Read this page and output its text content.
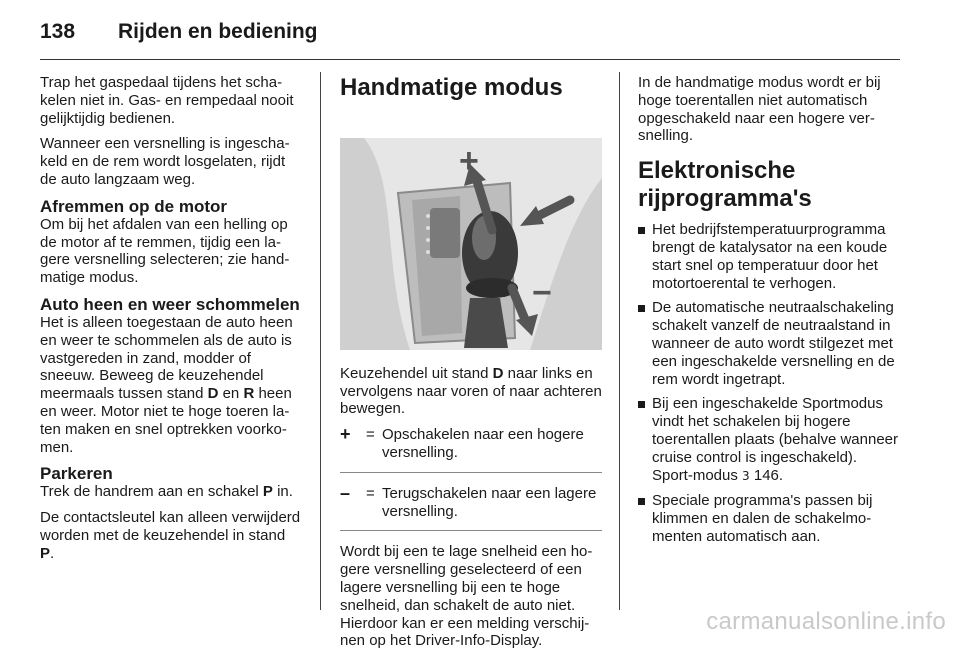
138 Rijden en bediening

Trap het gaspedaal tijdens het schakelen niet in. Gas- en rempedaal nooit gelijktijdig bedienen.

Wanneer een versnelling is ingeschakeld en de rem wordt losgelaten, rijdt de auto langzaam weg.

Afremmen op de motor

Om bij het afdalen van een helling op de motor af te remmen, tijdig een lagere versnelling selecteren; zie handmatige modus.

Auto heen en weer schommelen

Het is alleen toegestaan de auto heen en weer te schommelen als de auto is vastgereden in zand, modder of sneeuw. Beweeg de keuzehendel meermaals tussen stand D en R heen en weer. Motor niet te hoge toeren laten maken en snel optrekken voorkomen.

Parkeren

Trek de handrem aan en schakel P in.

De contactsleutel kan alleen verwijderd worden met de keuzehendel in stand P.

Handmatige modus
+
−

Keuzehendel uit stand D naar links en vervolgens naar voren of naar achteren bewegen.

+	= Opschakelen naar een hogere versnelling.
–	= Terugschakelen naar een lagere versnelling.

Wordt bij een te lage snelheid een hogere versnelling geselecteerd of een lagere versnelling bij een te hoge snelheid, dan schakelt de auto niet. Hierdoor kan er een melding verschijnen op het Driver-Info-Display.

In de handmatige modus wordt er bij hoge toerentallen niet automatisch opgeschakeld naar een hogere versnelling.

Elektronische rijprogramma's
Het bedrijfstemperatuurprogramma brengt de katalysator na een koude start snel op temperatuur door het motortoerental te verhogen.
De automatische neutraalschakeling schakelt vanzelf de neutraalstand in wanneer de auto wordt stilgezet met een ingeschakelde versnelling en de rem wordt ingetrapt.
Bij een ingeschakelde Sportmodus vindt het schakelen bij hogere toerentallen plaats (behalve wanneer cruise control is ingeschakeld). Sport-modus 3 146.
Speciale programma's passen bij klimmen en dalen de schakelmomenten automatisch aan.
carmanualsonline.info
